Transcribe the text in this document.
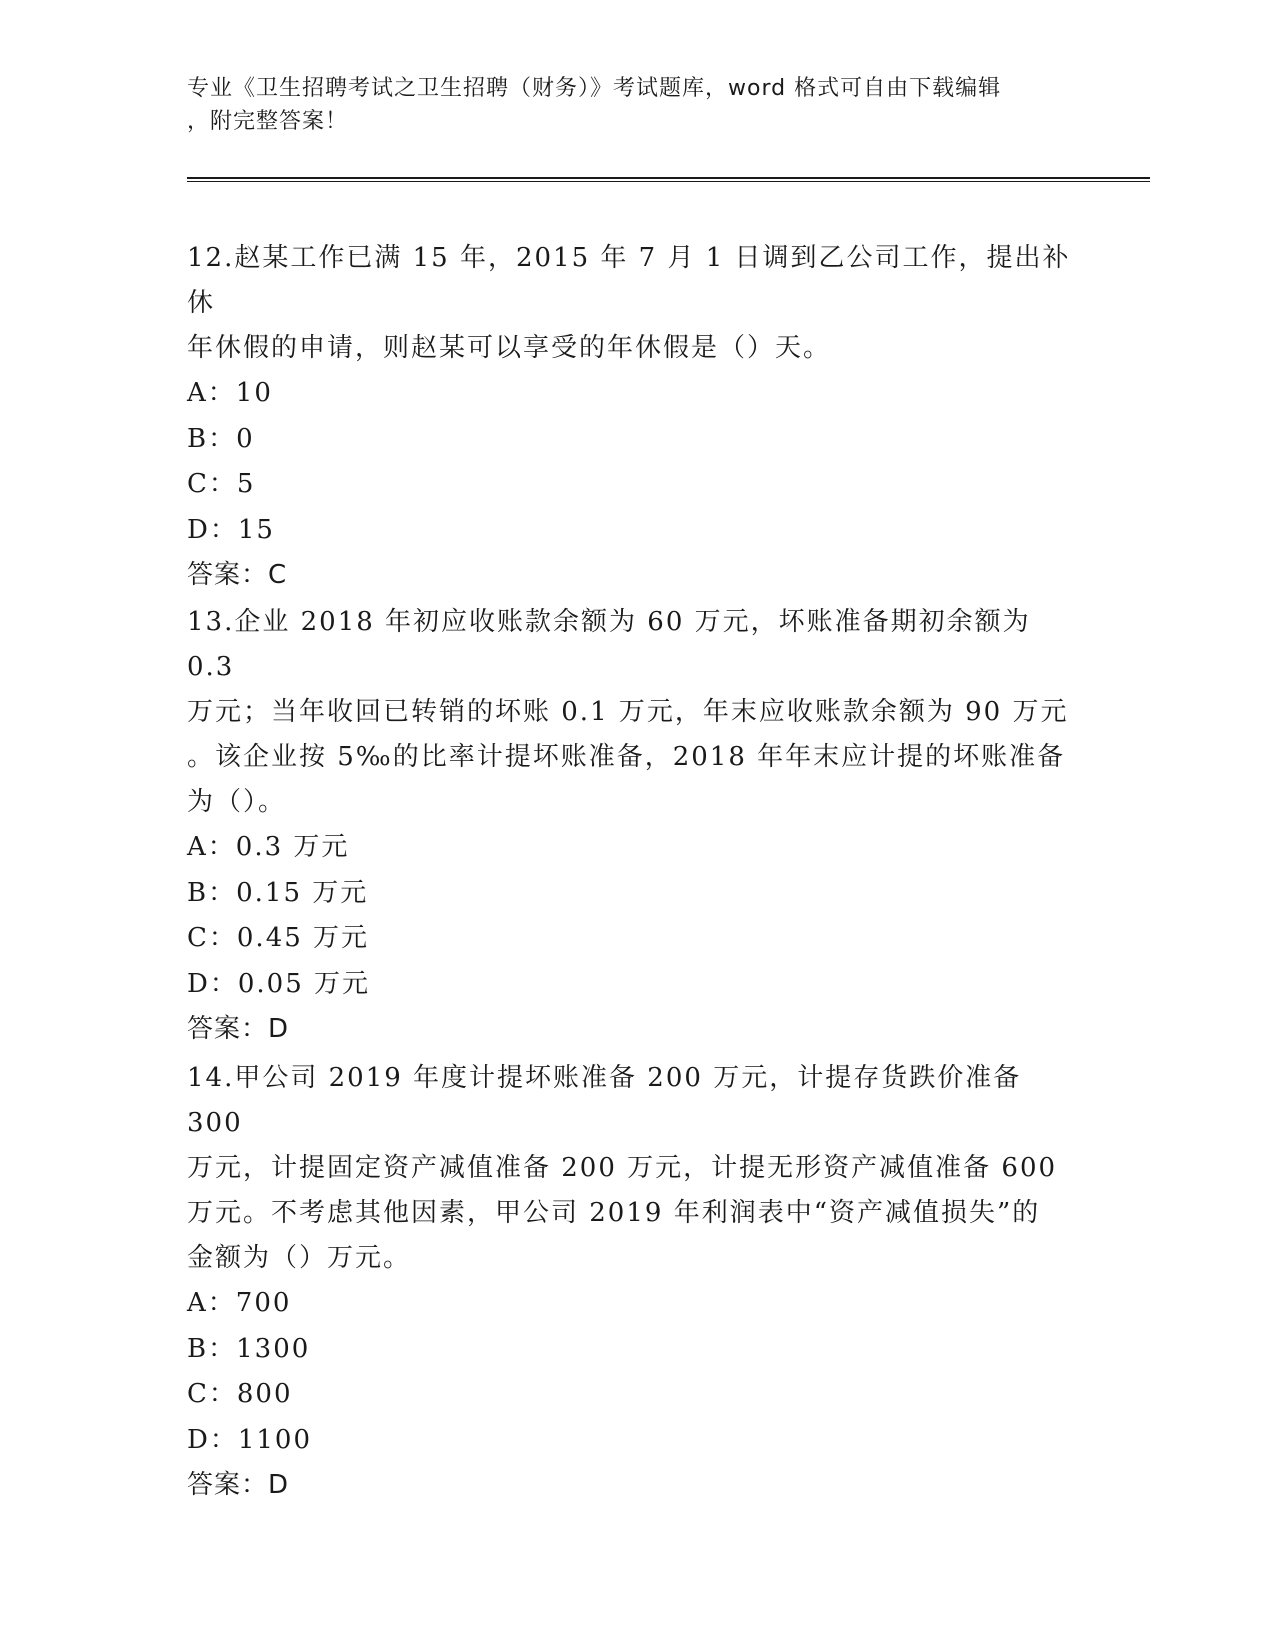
专业《卫生招聘考试之卫生招聘（财务）》考试题库，word 格式可自由下载编辑
，附完整答案！
12.赵某工作已满 15 年，2015 年 7 月 1 日调到乙公司工作，提出补休
年休假的申请，则赵某可以享受的年休假是（）天。
A：10
B：0
C：5
D：15
答案：C
13.企业 2018 年初应收账款余额为 60 万元，坏账准备期初余额为 0.3
万元；当年收回已转销的坏账 0.1 万元，年末应收账款余额为 90 万元
。该企业按 5‰的比率计提坏账准备，2018 年年末应计提的坏账准备
为（）。
A：0.3 万元
B：0.15 万元
C：0.45 万元
D：0.05 万元
答案：D
14.甲公司 2019 年度计提坏账准备 200 万元，计提存货跌价准备 300
万元，计提固定资产减值准备 200 万元，计提无形资产减值准备 600
万元。不考虑其他因素，甲公司 2019 年利润表中“资产减值损失”的
金额为（）万元。
A：700
B：1300
C：800
D：1100
答案：D
